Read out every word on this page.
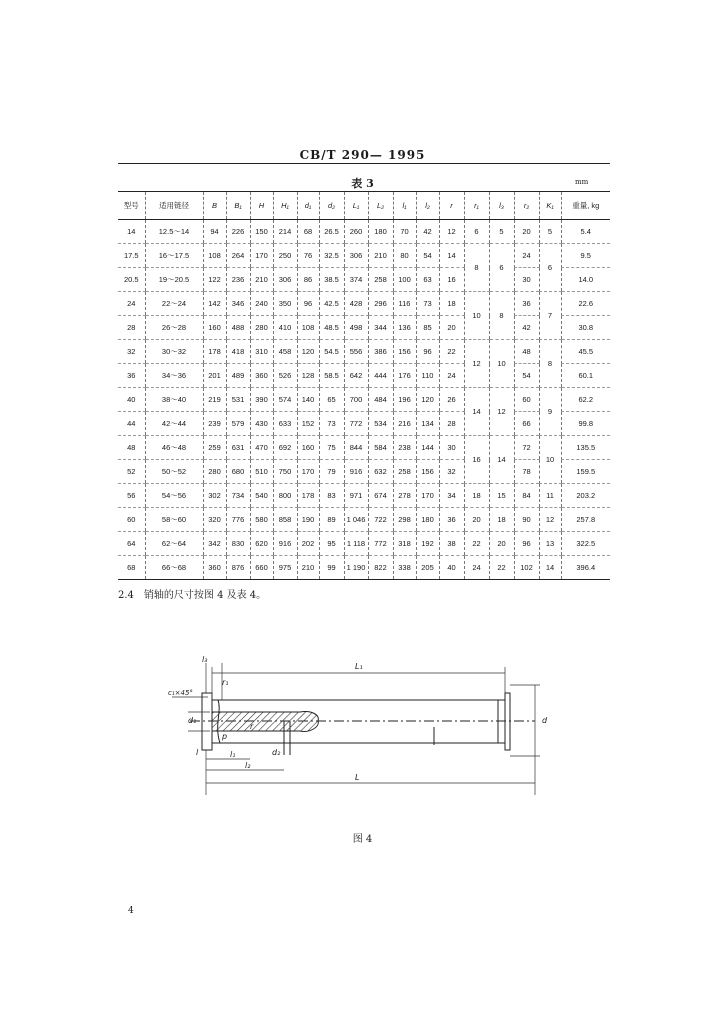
CB/T 290— 1995
表 3	mm
型号	适用链径	B	B₁	H	H₁	d₁	d₂	L₁	L₂	l₁	l₂	r	r₁	l₃	r₂	K₁	重量, kg
14	12.5～14	94	226	150	214	68	26.5	260	180	70	42	12	6	5	20	5	5.4
17.5	16～17.5	108	264	170	250	76	32.5	306	210	80	54	14	8	6	24	6	9.5
20.5	19～20.5	122	236	210	306	86	38.5	374	258	100	63	16			30		14.0
24	22～24	142	346	240	350	96	42.5	428	296	116	73	18	10	8	36	7	22.6
28	26～28	160	488	280	410	108	48.5	498	344	136	85	20			42		30.8
32	30～32	178	418	310	458	120	54.5	556	386	156	96	22	12	10	48	8	45.5
36	34～36	201	489	360	526	128	58.5	642	444	176	110	24			54		60.1
40	38～40	219	531	390	574	140	65	700	484	196	120	26	14	12	60	9	62.2
44	42～44	239	579	430	633	152	73	772	534	216	134	28			66		99.8
48	46～48	259	631	470	692	160	75	844	584	238	144	30	16	14	72	10	135.5
52	50～52	280	680	510	750	170	79	916	632	258	156	32			78		159.5
56	54～56	302	734	540	800	178	83	971	674	278	170	34	18	15	84	11	203.2
60	58～60	320	776	580	858	190	89	1 046	722	298	180	36	20	18	90	12	257.8
64	62～64	342	830	620	916	202	95	1 118	772	318	192	38	22	20	96	13	322.5
68	66～68	360	876	660	975	210	99	1 190	822	338	205	40	24	22	102	14	396.4
2.4　销轴的尺寸按图 4 及表 4。
l₃
L₁
c₁×45°
r₁
d₁	d
r
p
d₂
l	l₁
l₂
L
图 4
4
